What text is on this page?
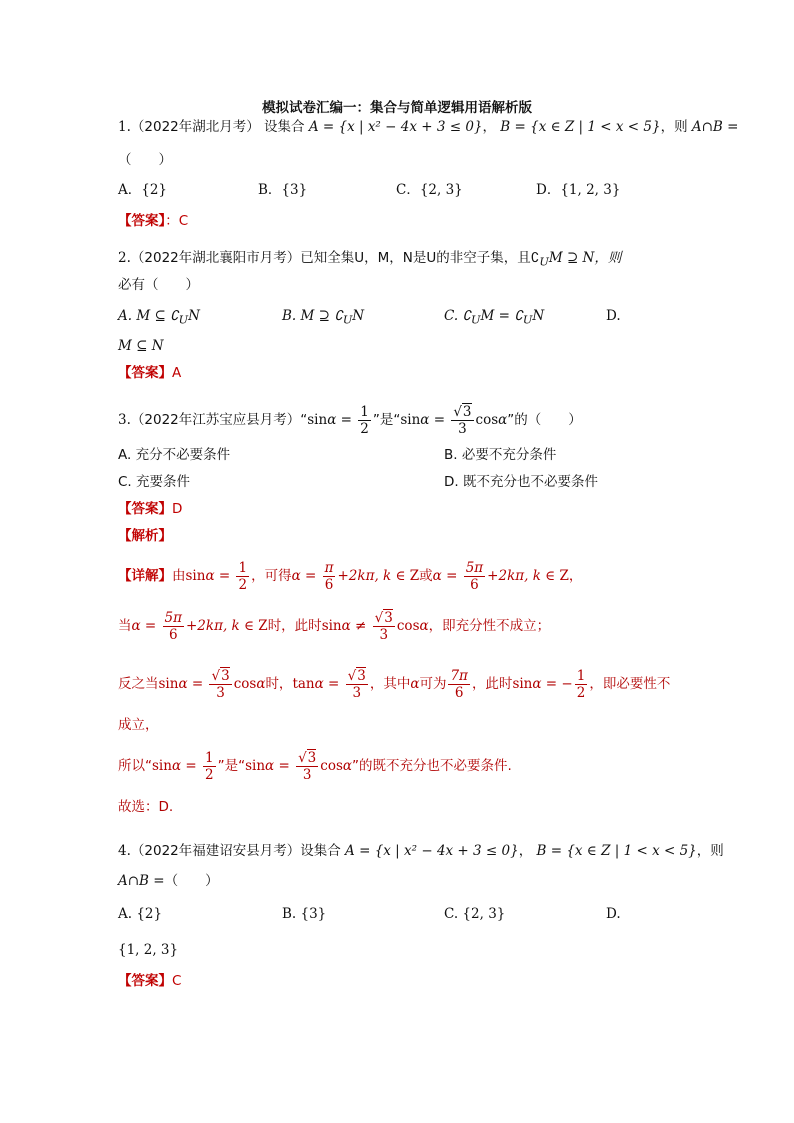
模拟试卷汇编一：集合与简单逻辑用语解析版
1.（2022年湖北月考） 设集合 A = {x | x² − 4x + 3 ≤ 0}， B = {x ∈ Z | 1 < x < 5}，则 A∩B =
（　　）
A．{2}	B．{3}	C．{2, 3}	D．{1, 2, 3}
【答案】：C
2.（2022年湖北襄阳市月考）已知全集U，M，N是U的非空子集，且$∁_UM$ ⊇ N，则
必有（　　）
A. M ⊆ $∁_UN$	B. M ⊇ $∁_UN$	C. $∁_UM$ = $∁_UN$	D.
M ⊆ N
【答案】A
3.（2022年江苏宝应县月考）“sinα = $\frac{1}{2}$ ”是“$\sin\alpha = \frac{√3}{3} \cos\alpha$”的（　　）
A. 充分不必要条件	B. 必要不充分条件
C. 充要条件	D. 既不充分也不必要条件
【答案】D
【解析】
【详解】由$\sin\alpha = \frac{1}{2}$ ，可得$\alpha = \frac{\pi}{6} +2k\pi$, k ∈ Z或$\alpha = \frac{5\pi}{6} +2k\pi$, k ∈ Z，
当$\alpha = \frac{5\pi}{6} +2k\pi$, k ∈ Z时，此时$\sin\alpha \ne \frac{√3}{3}$ cosα，即充分性不成立；
反之当$\sin\alpha = \frac{√3}{3}$ cosα时，$\tan\alpha = \frac{√3}{3}$ ，其中α可为 $\frac{7\pi}{6}$ ，此时sinα = − $\frac{1}{2}$ ，即必要性不
成立，
所以“$\sin\alpha = \frac{1}{2}$ ”是“$\sin\alpha = \frac{√3}{3} \cos\alpha$”的既不充分也不必要条件.
故选：D.
4.（2022年福建诏安县月考）设集合 A = {x | x² − 4x + 3 ≤ 0}， B = {x ∈ Z | 1 < x < 5}，则
A∩B =（　　）
A. {2}	B. {3}	C. {2, 3}	D.
{1, 2, 3}
【答案】C
